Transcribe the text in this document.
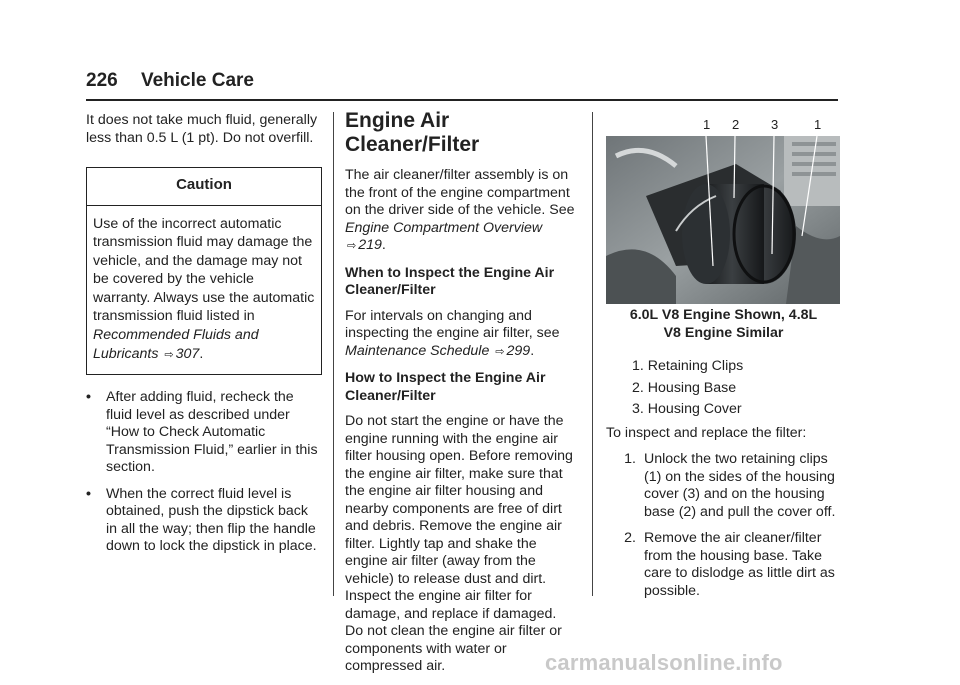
226 Vehicle Care

It does not take much fluid, generally less than 0.5 L (1 pt). Do not overfill.

Caution
Use of the incorrect automatic transmission fluid may damage the vehicle, and the damage may not be covered by the vehicle warranty. Always use the automatic transmission fluid listed in Recommended Fluids and Lubricants ⇨ 307.
•	After adding fluid, recheck the fluid level as described under “How to Check Automatic Transmission Fluid,” earlier in this section.
•	When the correct fluid level is obtained, push the dipstick back in all the way; then flip the handle down to lock the dipstick in place.
Engine Air Cleaner/Filter

The air cleaner/filter assembly is on the front of the engine compartment on the driver side of the vehicle. See Engine Compartment Overview ⇨ 219.

When to Inspect the Engine Air Cleaner/Filter

For intervals on changing and inspecting the engine air filter, see Maintenance Schedule ⇨ 299.

How to Inspect the Engine Air Cleaner/Filter

Do not start the engine or have the engine running with the engine air filter housing open. Before removing the engine air filter, make sure that the engine air filter housing and nearby components are free of dirt and debris. Remove the engine air filter. Lightly tap and shake the engine air filter (away from the vehicle) to release dust and dirt. Inspect the engine air filter for damage, and replace if damaged. Do not clean the engine air filter or components with water or compressed air.

1 2 3	1
6.0L V8 Engine Shown, 4.8L
V8 Engine Similar
1. Retaining Clips
2. Housing Base
3. Housing Cover

To inspect and replace the filter:

1. Unlock the two retaining clips (1) on the sides of the housing cover (3) and on the housing base (2) and pull the cover off.
2. Remove the air cleaner/filter from the housing base. Take care to dislodge as little dirt as possible.
carmanualsonline.info
